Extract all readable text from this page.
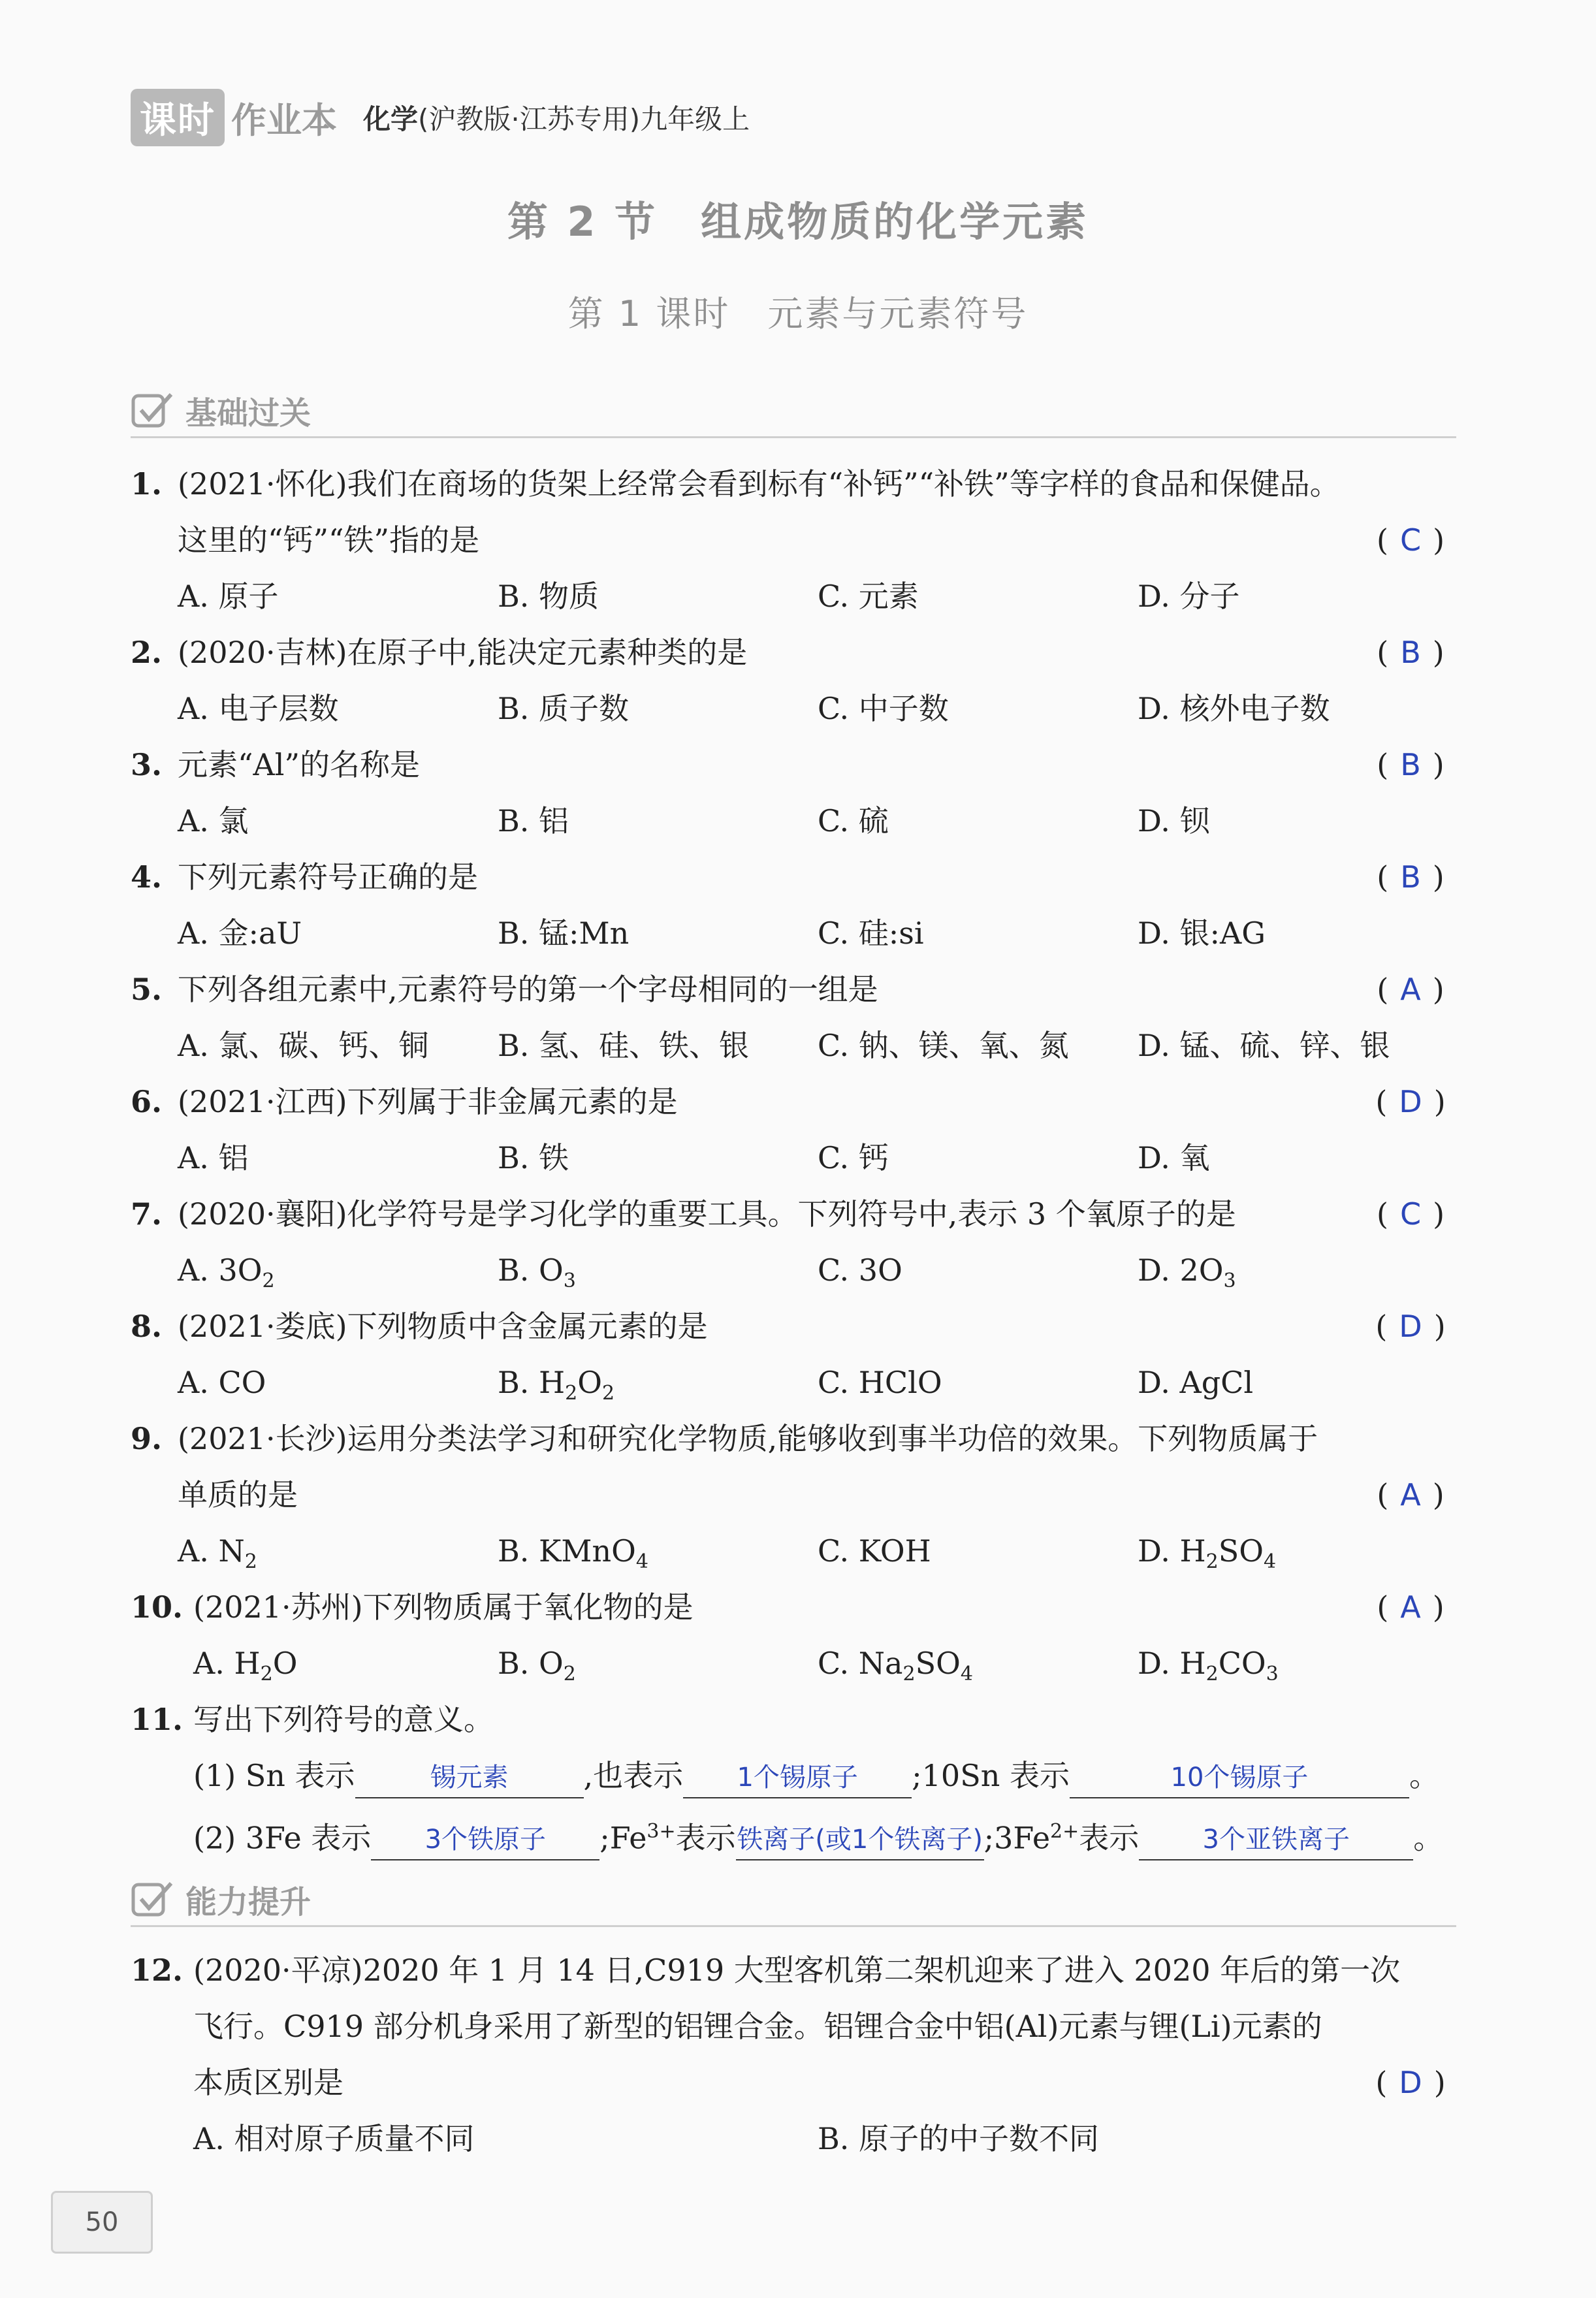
课时 作业本 化学(沪教版·江苏专用)九年级上
第 2 节　组成物质的化学元素
第 1 课时　元素与元素符号
基础过关
1. (2021·怀化)我们在商场的货架上经常会看到标有“补钙”“补铁”等字样的食品和保健品。
这里的“钙”“铁”指的是	( C )
A. 原子	B. 物质	C. 元素	D. 分子
2. (2020·吉林)在原子中,能决定元素种类的是	( B )
A. 电子层数	B. 质子数	C. 中子数	D. 核外电子数
3. 元素“Al”的名称是	( B )
A. 氯	B. 铝	C. 硫	D. 钡
4. 下列元素符号正确的是	( B )
A. 金:aU	B. 锰:Mn	C. 硅:si	D. 银:AG
5. 下列各组元素中,元素符号的第一个字母相同的一组是	( A )
A. 氯、碳、钙、铜 B. 氢、硅、铁、银 C. 钠、镁、氧、氮 D. 锰、硫、锌、银
6. (2021·江西)下列属于非金属元素的是	( D )
A. 铝	B. 铁	C. 钙	D. 氧
7. (2020·襄阳)化学符号是学习化学的重要工具。下列符号中,表示 3 个氧原子的是	( C )
A. $3O_2$	B. $O_3$	C. 3O	D. $2O_3$
8. (2021·娄底)下列物质中含金属元素的是	( D )
A. CO	B. $H_2O_2$	C. HClO	D. AgCl
9. (2021·长沙)运用分类法学习和研究化学物质,能够收到事半功倍的效果。下列物质属于
单质的是	( A )
A. $N_2$	B. KMnO$_4$	C. KOH	D. $H_2SO_4$
10. (2021·苏州)下列物质属于氧化物的是	( A )
A. $H_2O$	B. $O_2$	C. $Na_2SO_4$	D. $H_2CO_3$
11. 写出下列符号的意义。
(1) Sn 表示	锡元素	,也表示 1个锡原子 ;10Sn 表示	10个锡原子	。
(2) 3Fe 表示 3个铁原子 $;Fe^{3+}$表示铁离子(或1个铁离子)$;3Fe^{2+}$表示 3个亚铁离子 。
能力提升
12. (2020·平凉)2020 年 1 月 14 日,C919 大型客机第二架机迎来了进入 2020 年后的第一次
飞行。C919 部分机身采用了新型的铝锂合金。铝锂合金中铝(Al)元素与锂(Li)元素的
本质区别是	( D )
A. 相对原子质量不同	B. 原子的中子数不同
50
